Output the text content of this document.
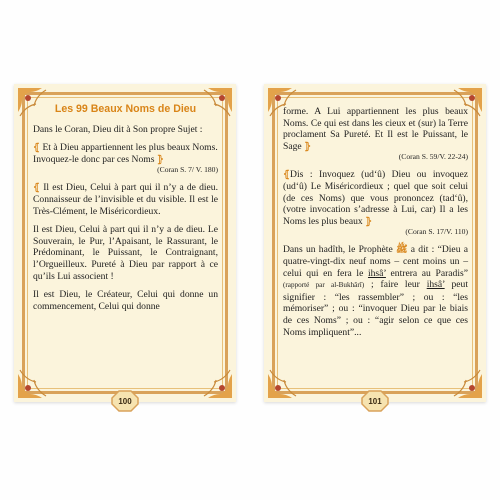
Les 99 Beaux Noms de Dieu

Dans le Coran, Dieu dit à Son propre Sujet :

⦃ Et à Dieu appartiennent les plus beaux Noms. Invoquez-le donc par ces Noms ⦄
(Coran S. 7/ V. 180)

⦃ Il est Dieu, Celui à part qui il n’y a de dieu. Connaisseur de l’invisible et du visible. Il est le Très-Clément, le Miséricordieux.

Il est Dieu, Celui à part qui il n’y a de dieu. Le Souverain, le Pur, l’Apaisant, le Rassurant, le Prédominant, le Puissant, le Contraignant, l’Orgueilleux. Pureté à Dieu par rapport à ce qu’ils Lui associent !

Il est Dieu, le Créateur, Celui qui donne un commencement, Celui qui donne

100

forme. A Lui appartiennent les plus beaux Noms. Ce qui est dans les cieux et (sur) la Terre proclament Sa Pureté. Et Il est le Puissant, le Sage ⦄
(Coran S. 59/V. 22-24)

⦃Dis : Invoquez (ud‘û) Dieu ou invoquez (ud‘û) Le Miséricordieux ; quel que soit celui (de ces Noms) que vous prononcez (tad‘û), (votre invocation s’adresse à Lui, car) Il a les Noms les plus beaux ⦄
(Coran S. 17/V. 110)

Dans un hadîth, le Prophète ﷺ a dit : “Dieu a quatre-vingt-dix neuf noms – cent moins un – celui qui en fera le ihsâ’ entrera au Paradis” (rapporté par al-Bukhârî) ; faire leur ihsâ’ peut signifier : “les rassembler” ; ou : “les mémoriser” ; ou : “invoquer Dieu par le biais de ces Noms” ; ou : “agir selon ce que ces Noms impliquent”...

101
